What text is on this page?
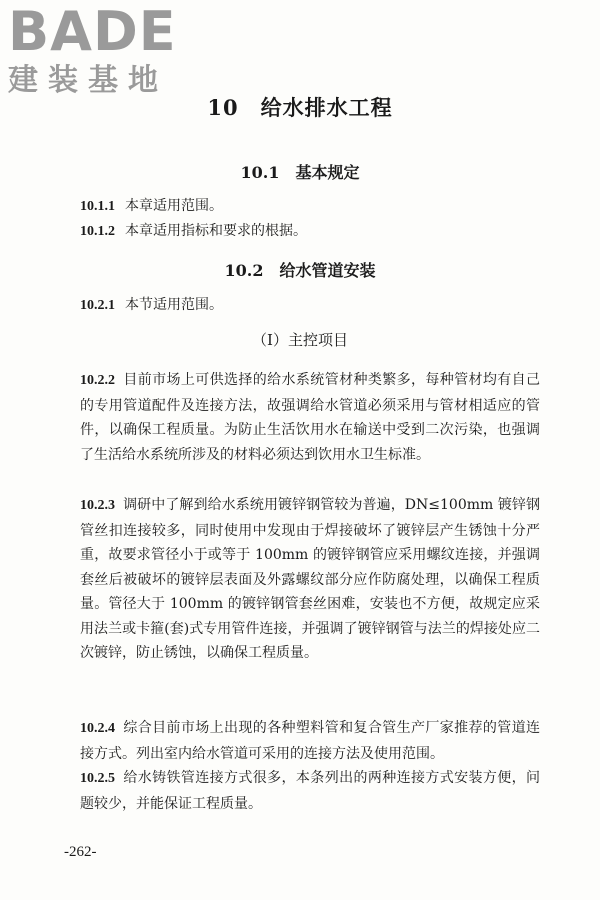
BADE
建装基地
10　给水排水工程
10.1　基本规定
10.1.1 本章适用范围。
10.1.2 本章适用指标和要求的根据。
10.2　给水管道安装
10.2.1 本节适用范围。
（Ⅰ）主控项目
10.2.2 目前市场上可供选择的给水系统管材种类繁多，每种管材均有自己的专用管道配件及连接方法，故强调给水管道必须采用与管材相适应的管件，以确保工程质量。为防止生活饮用水在输送中受到二次污染，也强调了生活给水系统所涉及的材料必须达到饮用水卫生标准。
10.2.3 调研中了解到给水系统用镀锌钢管较为普遍，DN≤100mm 镀锌钢管丝扣连接较多，同时使用中发现由于焊接破坏了镀锌层产生锈蚀十分严重，故要求管径小于或等于 100mm 的镀锌钢管应采用螺纹连接，并强调套丝后被破坏的镀锌层表面及外露螺纹部分应作防腐处理，以确保工程质量。管径大于 100mm 的镀锌钢管套丝困难，安装也不方便，故规定应采用法兰或卡箍(套)式专用管件连接，并强调了镀锌钢管与法兰的焊接处应二次镀锌，防止锈蚀，以确保工程质量。
10.2.4 综合目前市场上出现的各种塑料管和复合管生产厂家推荐的管道连接方式。列出室内给水管道可采用的连接方法及使用范围。
10.2.5 给水铸铁管连接方式很多，本条列出的两种连接方式安装方便，问题较少，并能保证工程质量。
-262-
